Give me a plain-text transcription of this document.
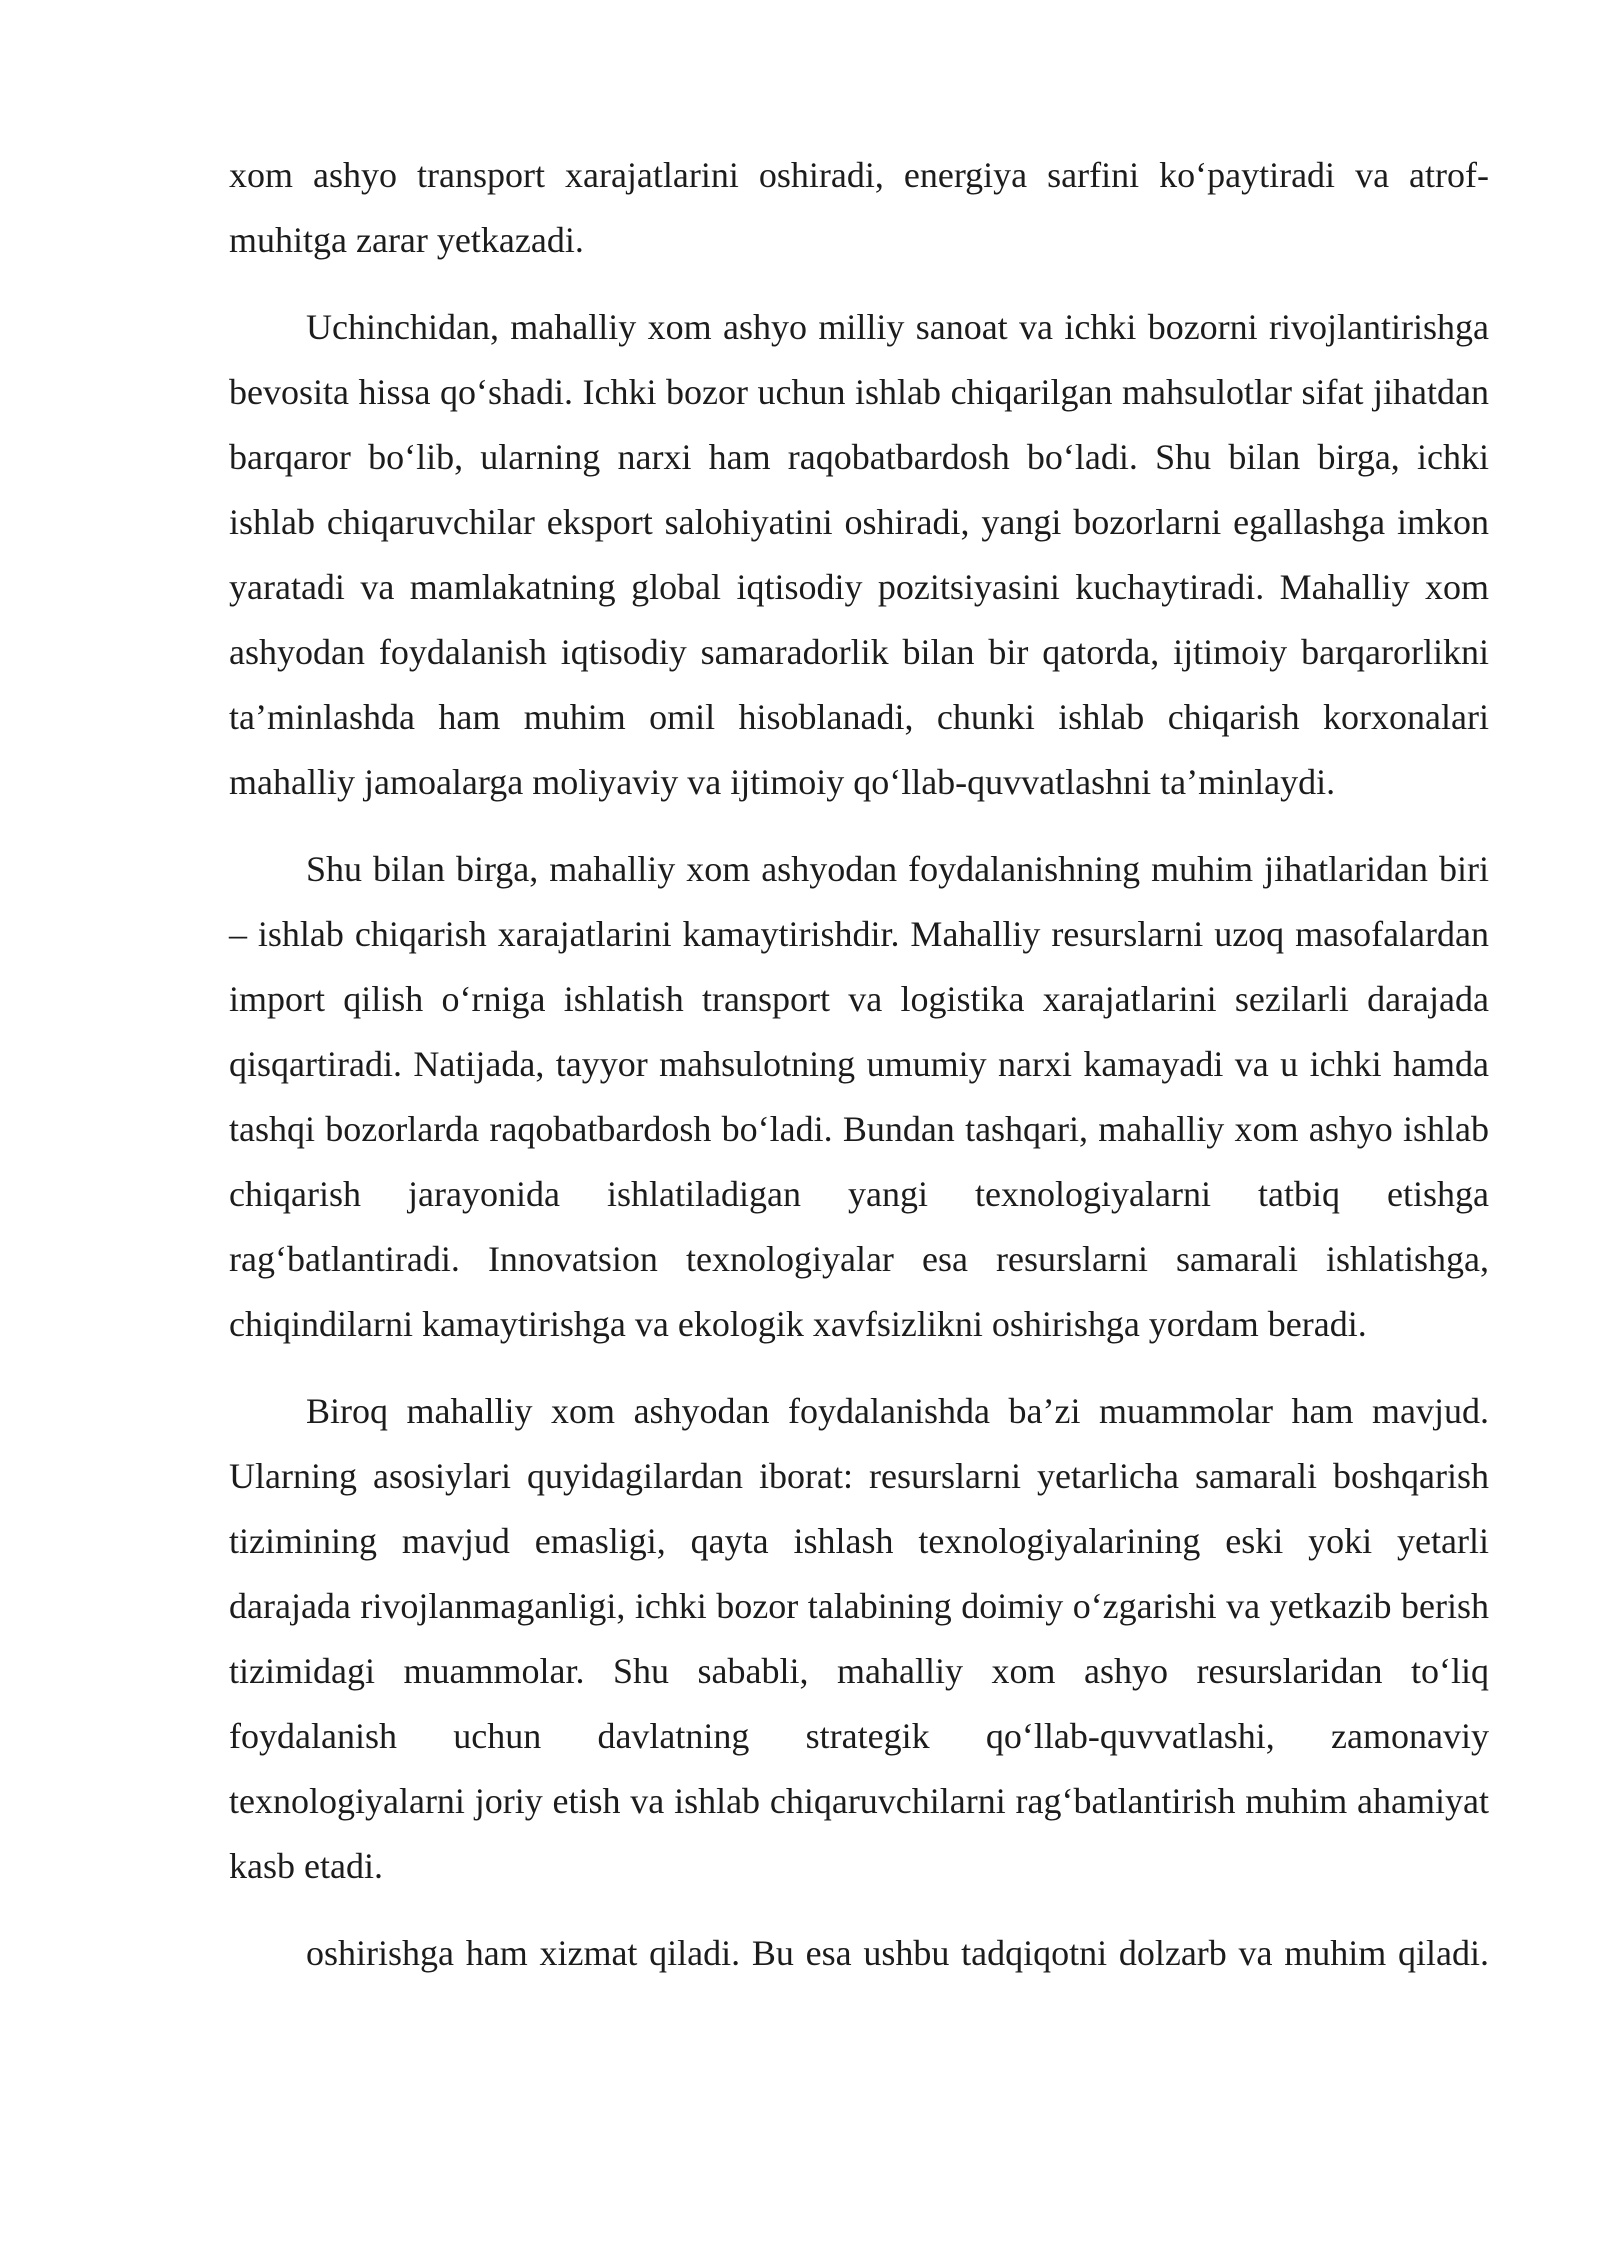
xom ashyo transport xarajatlarini oshiradi, energiya sarfini ko‘paytiradi va atrof-muhitga zarar yetkazadi.

Uchinchidan, mahalliy xom ashyo milliy sanoat va ichki bozorni rivojlantirishga bevosita hissa qo‘shadi. Ichki bozor uchun ishlab chiqarilgan mahsulotlar sifat jihatdan barqaror bo‘lib, ularning narxi ham raqobatbardosh bo‘ladi. Shu bilan birga, ichki ishlab chiqaruvchilar eksport salohiyatini oshiradi, yangi bozorlarni egallashga imkon yaratadi va mamlakatning global iqtisodiy pozitsiyasini kuchaytiradi. Mahalliy xom ashyodan foydalanish iqtisodiy samaradorlik bilan bir qatorda, ijtimoiy barqarorlikni ta’minlashda ham muhim omil hisoblanadi, chunki ishlab chiqarish korxonalari mahalliy jamoalarga moliyaviy va ijtimoiy qo‘llab-quvvatlashni ta’minlaydi.

Shu bilan birga, mahalliy xom ashyodan foydalanishning muhim jihatlaridan biri – ishlab chiqarish xarajatlarini kamaytirishdir. Mahalliy resurslarni uzoq masofalardan import qilish o‘rniga ishlatish transport va logistika xarajatlarini sezilarli darajada qisqartiradi. Natijada, tayyor mahsulotning umumiy narxi kamayadi va u ichki hamda tashqi bozorlarda raqobatbardosh bo‘ladi. Bundan tashqari, mahalliy xom ashyo ishlab chiqarish jarayonida ishlatiladigan yangi texnologiyalarni tatbiq etishga rag‘batlantiradi. Innovatsion texnologiyalar esa resurslarni samarali ishlatishga, chiqindilarni kamaytirishga va ekologik xavfsizlikni oshirishga yordam beradi.

Biroq mahalliy xom ashyodan foydalanishda ba’zi muammolar ham mavjud. Ularning asosiylari quyidagilardan iborat: resurslarni yetarlicha samarali boshqarish tizimining mavjud emasligi, qayta ishlash texnologiyalarining eski yoki yetarli darajada rivojlanmaganligi, ichki bozor talabining doimiy o‘zgarishi va yetkazib berish tizimidagi muammolar. Shu sababli, mahalliy xom ashyo resurslaridan to‘liq foydalanish uchun davlatning strategik qo‘llab-quvvatlashi, zamonaviy texnologiyalarni joriy etish va ishlab chiqaruvchilarni rag‘batlantirish muhim ahamiyat kasb etadi.

oshirishga ham xizmat qiladi. Bu esa ushbu tadqiqotni dolzarb va muhim qiladi.
